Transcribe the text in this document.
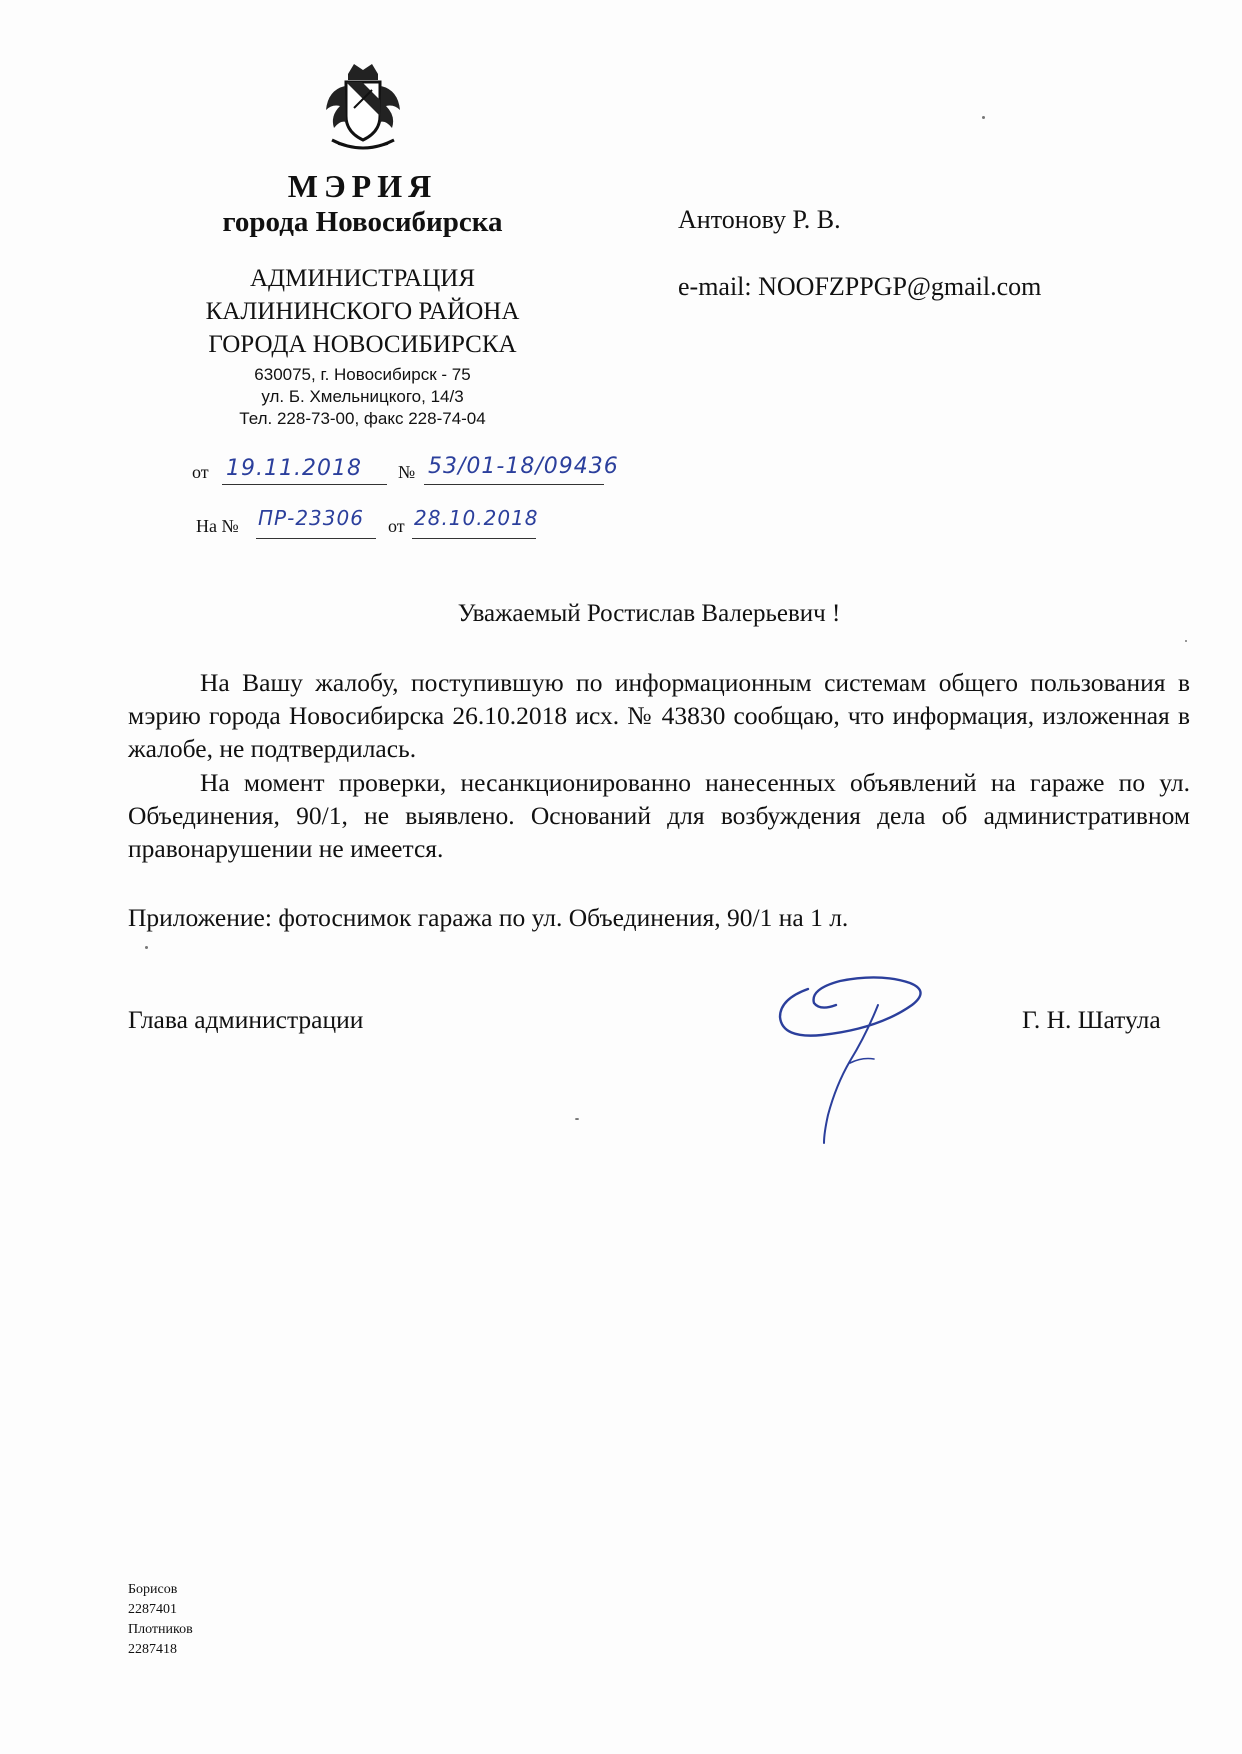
МЭРИЯ
города Новосибирска
АДМИНИСТРАЦИЯ
КАЛИНИНСКОГО РАЙОНА
ГОРОДА НОВОСИБИРСКА
630075, г. Новосибирск - 75
ул. Б. Хмельницкого, 14/3
Тел. 228-73-00, факс 228-74-04
от 19.11.2018 № 53/01-18/09436
На № ПР-23306 от 28.10.2018
Антонову Р. В.
e-mail: NOOFZPPGP@gmail.com
Уважаемый Ростислав Валерьевич !
На Вашу жалобу, поступившую по информационным системам общего пользования в мэрию города Новосибирска 26.10.2018 исх. № 43830 сообщаю, что информация, изложенная в жалобе, не подтвердилась.
На момент проверки, несанкционированно нанесенных объявлений на гараже по ул. Объединения, 90/1, не выявлено. Оснований для возбуждения дела об административном правонарушении не имеется.
Приложение: фотоснимок гаража по ул. Объединения, 90/1 на 1 л.
Глава администрации	Г. Н. Шатула
Борисов
2287401
Плотников
2287418
